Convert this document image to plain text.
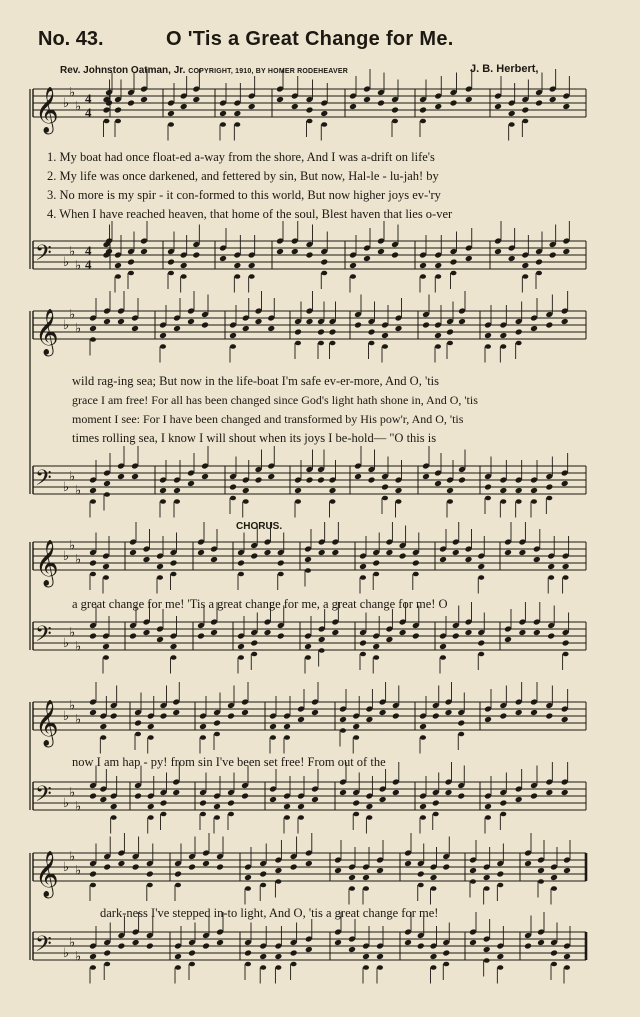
No. 43.	O 'Tis a Great Change for Me.
Rev. Johnston Oatman, Jr. COPYRIGHT, 1910, BY HOMER RODEHEAVER	J. B. Herbert,
1. My boat had once float-ed a-way from the shore, And I was a-drift on life's
2. My life was once darkened, and fettered by sin, But now, Hal-le - lu-jah! by
3. No more is my spir - it con-formed to this world, But now higher joys ev-'ry
4. When I have reached heaven, that home of the soul, Blest haven that lies o-ver
wild rag-ing sea; But now in the life-boat I'm safe ev-er-more, And O, 'tis
grace I am free! For all has been changed since God's light hath shone in, And O, 'tis
moment I see: For I have been changed and transformed by His pow'r, And O, 'tis
times rolling sea, I know I will shout when its joys I be-hold— "O this is
CHORUS.
a great change for me! 'Tis a great change for me, a great change for me! O
now I am hap - py! from sin I've been set free! From out of the
dark-ness I've stepped in-to light, And O, 'tis a great change for me!
𝄞 ♭
♭
♭
4
4
𝄢 ♭
♭
♭
4
4
𝄞 ♭
♭
♭
𝄢 ♭
♭
♭
𝄞 ♭
♭
♭
𝄢 ♭
♭
♭
𝄞 ♭
♭
♭
𝄢 ♭
♭
♭
𝄞 ♭
♭
♭
𝄢 ♭
♭
♭
